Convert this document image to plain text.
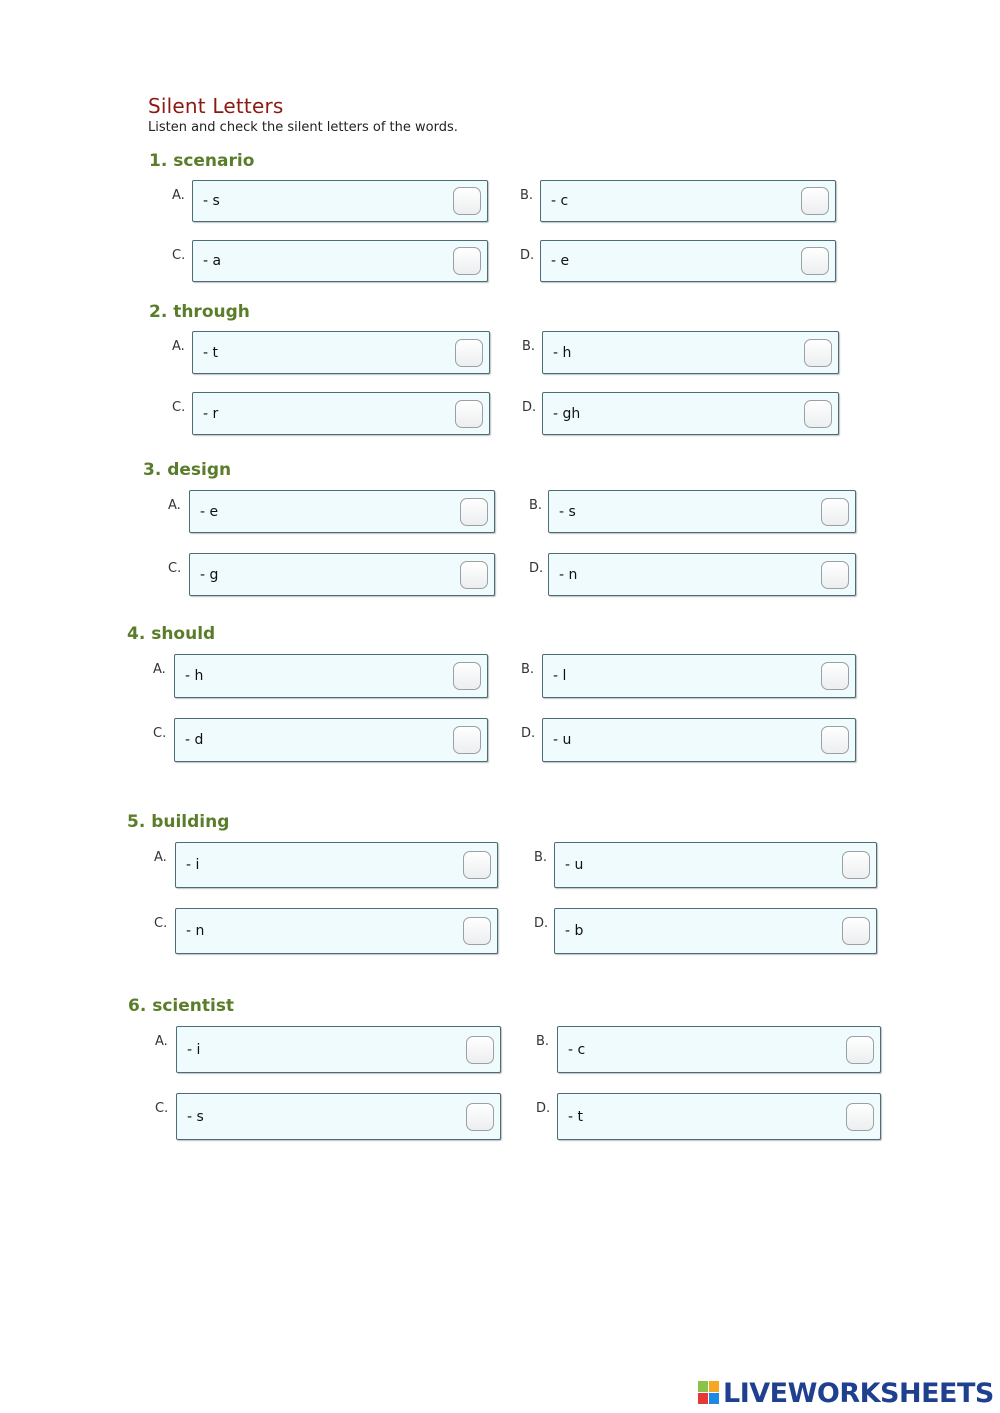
Silent Letters
Listen and check the silent letters of the words.
1. scenario
A. - s	B. - c
C. - a	D. - e
2. through
A. - t	B. - h
C. - r	D. - gh
3. design
A. - e	B. - s
C. - g	D. - n
4. should
A. - h	B. - l
C. - d	D. - u
5. building
A. - i	B. - u
C. - n	D. - b
6. scientist
A. - i	B. - c
C. - s	D. - t
LIVEWORKSHEETS
